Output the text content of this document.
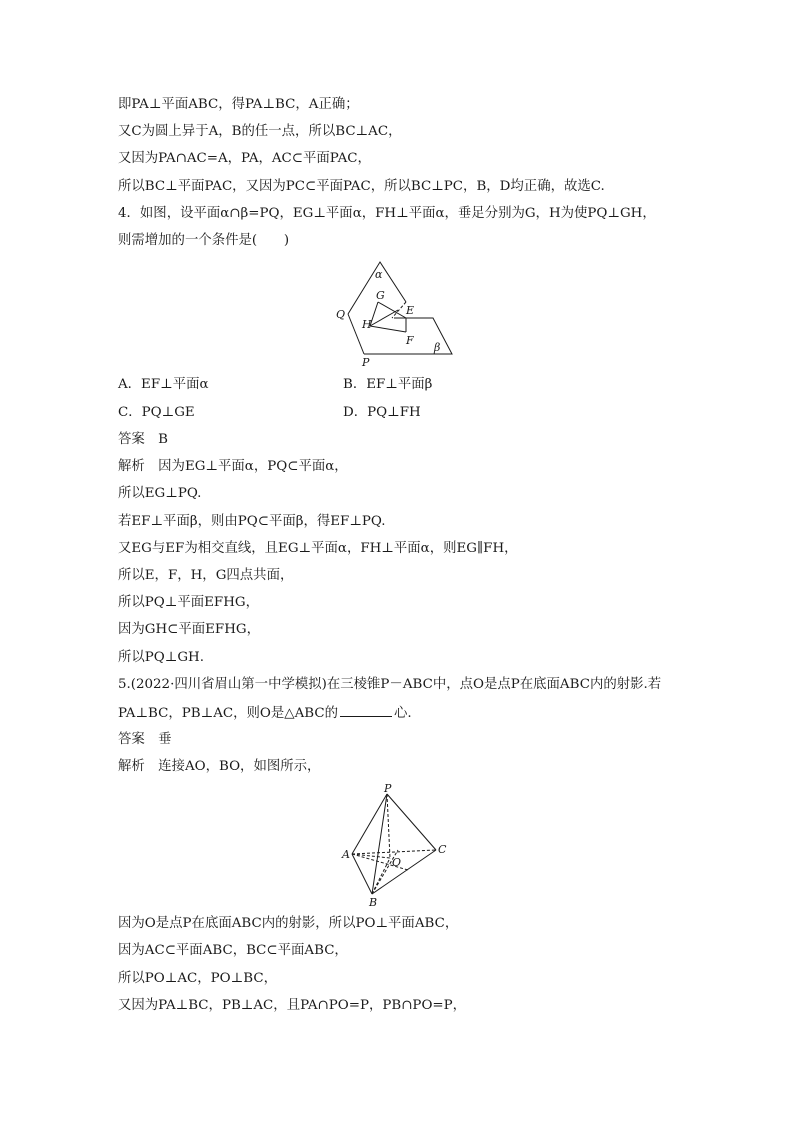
即PA⊥平面ABC，得PA⊥BC，A正确；
又C为圆上异于A，B的任一点，所以BC⊥AC，
又因为PA∩AC=A，PA，AC⊂平面PAC，
所以BC⊥平面PAC，又因为PC⊂平面PAC，所以BC⊥PC，B，D均正确，故选C.
4．如图，设平面α∩β=PQ，EG⊥平面α，FH⊥平面α，垂足分别为G，H为使PQ⊥GH，
则需增加的一个条件是(　　)
α
Q
G
E
H
F
β
P
A．EF⊥平面α	B．EF⊥平面β
C．PQ⊥GE	D．PQ⊥FH
答案　B
解析　因为EG⊥平面α，PQ⊂平面α，
所以EG⊥PQ.
若EF⊥平面β，则由PQ⊂平面β，得EF⊥PQ.
又EG与EF为相交直线，且EG⊥平面α，FH⊥平面α，则EG∥FH，
所以E，F，H，G四点共面，
所以PQ⊥平面EFHG，
因为GH⊂平面EFHG，
所以PQ⊥GH.
5.(2022·四川省眉山第一中学模拟)在三棱锥P－ABC中，点O是点P在底面ABC内的射影.若
PA⊥BC，PB⊥AC，则O是△ABC的	心.
答案　垂
解析　连接AO，BO，如图所示，
P
A
O
C
B
因为O是点P在底面ABC内的射影，所以PO⊥平面ABC，
因为AC⊂平面ABC，BC⊂平面ABC，
所以PO⊥AC，PO⊥BC，
又因为PA⊥BC，PB⊥AC，且PA∩PO=P，PB∩PO=P，
